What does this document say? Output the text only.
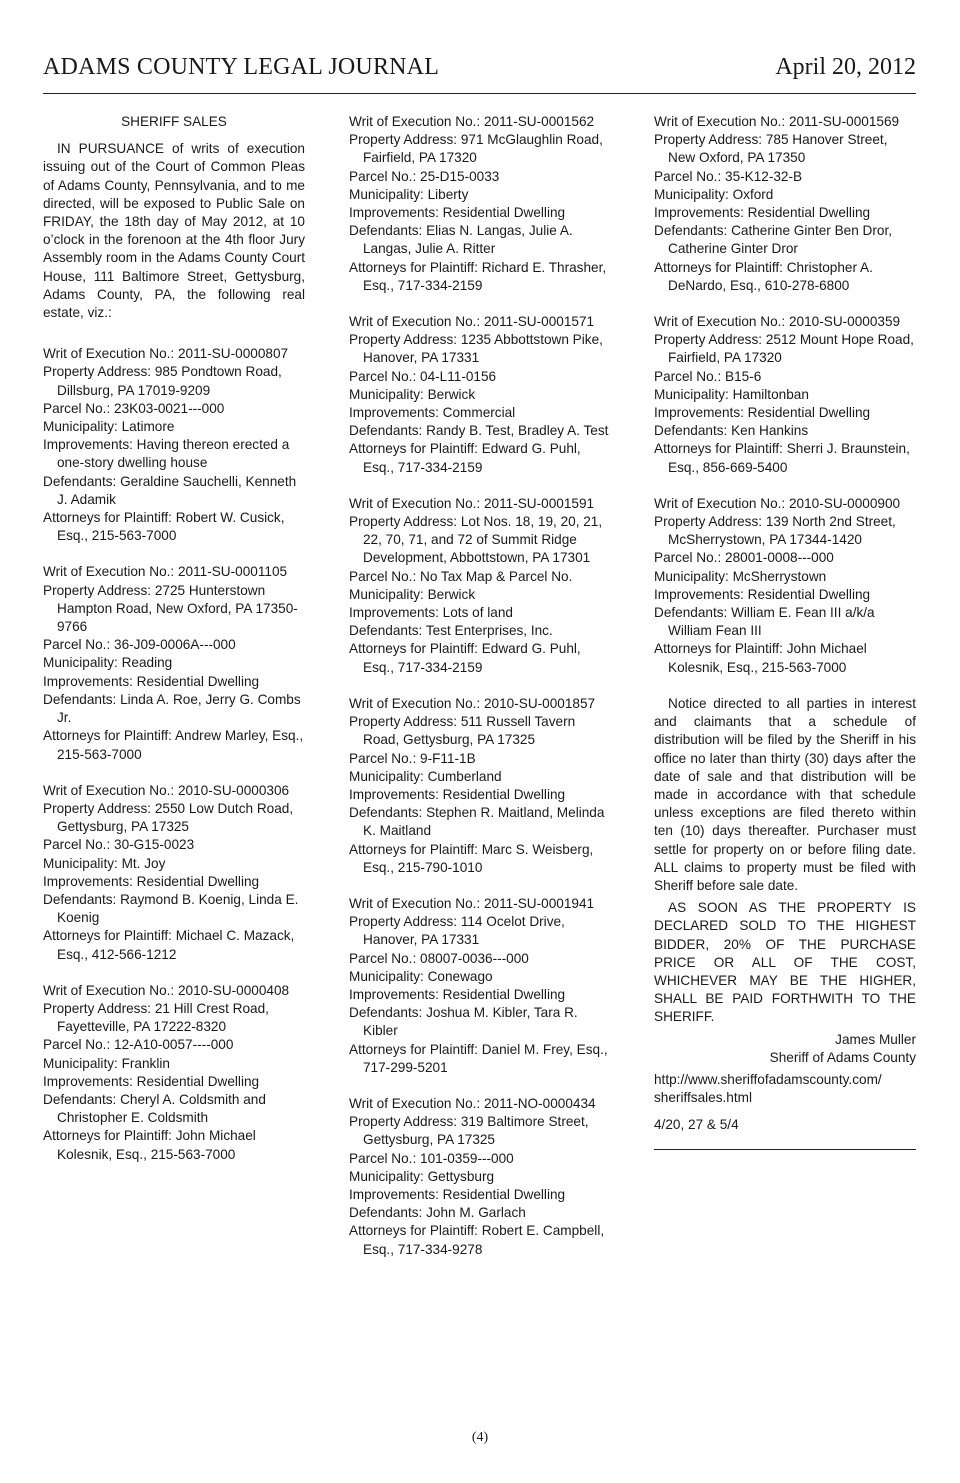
ADAMS COUNTY LEGAL JOURNAL	April 20, 2012
SHERIFF SALES
IN PURSUANCE of writs of execution issuing out of the Court of Common Pleas of Adams County, Pennsylvania, and to me directed, will be exposed to Public Sale on FRIDAY, the 18th day of May 2012, at 10 o’clock in the forenoon at the 4th floor Jury Assembly room in the Adams County Court House, 111 Baltimore Street, Gettysburg, Adams County, PA, the following real estate, viz.:
Writ of Execution No.: 2011-SU-0000807
Property Address: 985 Pondtown Road, Dillsburg, PA 17019-9209
Parcel No.: 23K03-0021---000
Municipality: Latimore
Improvements: Having thereon erected a one-story dwelling house
Defendants: Geraldine Sauchelli, Kenneth J. Adamik
Attorneys for Plaintiff: Robert W. Cusick, Esq., 215-563-7000
Writ of Execution No.: 2011-SU-0001105
Property Address: 2725 Hunterstown Hampton Road, New Oxford, PA 17350-9766
Parcel No.: 36-J09-0006A---000
Municipality: Reading
Improvements: Residential Dwelling
Defendants: Linda A. Roe, Jerry G. Combs Jr.
Attorneys for Plaintiff: Andrew Marley, Esq., 215-563-7000
Writ of Execution No.: 2010-SU-0000306
Property Address: 2550 Low Dutch Road, Gettysburg, PA 17325
Parcel No.: 30-G15-0023
Municipality: Mt. Joy
Improvements: Residential Dwelling
Defendants: Raymond B. Koenig, Linda E. Koenig
Attorneys for Plaintiff: Michael C. Mazack, Esq., 412-566-1212
Writ of Execution No.: 2010-SU-0000408
Property Address: 21 Hill Crest Road, Fayetteville, PA 17222-8320
Parcel No.: 12-A10-0057----000
Municipality: Franklin
Improvements: Residential Dwelling
Defendants: Cheryl A. Coldsmith and Christopher E. Coldsmith
Attorneys for Plaintiff: John Michael Kolesnik, Esq., 215-563-7000
Writ of Execution No.: 2011-SU-0001562
Property Address: 971 McGlaughlin Road, Fairfield, PA 17320
Parcel No.: 25-D15-0033
Municipality: Liberty
Improvements: Residential Dwelling
Defendants: Elias N. Langas, Julie A. Langas, Julie A. Ritter
Attorneys for Plaintiff: Richard E. Thrasher, Esq., 717-334-2159
Writ of Execution No.: 2011-SU-0001571
Property Address: 1235 Abbottstown Pike, Hanover, PA 17331
Parcel No.: 04-L11-0156
Municipality: Berwick
Improvements: Commercial
Defendants: Randy B. Test, Bradley A. Test
Attorneys for Plaintiff: Edward G. Puhl, Esq., 717-334-2159
Writ of Execution No.: 2011-SU-0001591
Property Address: Lot Nos. 18, 19, 20, 21, 22, 70, 71, and 72 of Summit Ridge Development, Abbottstown, PA 17301
Parcel No.: No Tax Map & Parcel No.
Municipality: Berwick
Improvements: Lots of land
Defendants: Test Enterprises, Inc.
Attorneys for Plaintiff: Edward G. Puhl, Esq., 717-334-2159
Writ of Execution No.: 2010-SU-0001857
Property Address: 511 Russell Tavern Road, Gettysburg, PA 17325
Parcel No.: 9-F11-1B
Municipality: Cumberland
Improvements: Residential Dwelling
Defendants: Stephen R. Maitland, Melinda K. Maitland
Attorneys for Plaintiff: Marc S. Weisberg, Esq., 215-790-1010
Writ of Execution No.: 2011-SU-0001941
Property Address: 114 Ocelot Drive, Hanover, PA 17331
Parcel No.: 08007-0036---000
Municipality: Conewago
Improvements: Residential Dwelling
Defendants: Joshua M. Kibler, Tara R. Kibler
Attorneys for Plaintiff: Daniel M. Frey, Esq., 717-299-5201
Writ of Execution No.: 2011-NO-0000434
Property Address: 319 Baltimore Street, Gettysburg, PA 17325
Parcel No.: 101-0359---000
Municipality: Gettysburg
Improvements: Residential Dwelling
Defendants: John M. Garlach
Attorneys for Plaintiff: Robert E. Campbell, Esq., 717-334-9278
Writ of Execution No.: 2011-SU-0001569
Property Address: 785 Hanover Street, New Oxford, PA 17350
Parcel No.: 35-K12-32-B
Municipality: Oxford
Improvements: Residential Dwelling
Defendants: Catherine Ginter Ben Dror, Catherine Ginter Dror
Attorneys for Plaintiff: Christopher A. DeNardo, Esq., 610-278-6800
Writ of Execution No.: 2010-SU-0000359
Property Address: 2512 Mount Hope Road, Fairfield, PA 17320
Parcel No.: B15-6
Municipality: Hamiltonban
Improvements: Residential Dwelling
Defendants: Ken Hankins
Attorneys for Plaintiff: Sherri J. Braunstein, Esq., 856-669-5400
Writ of Execution No.: 2010-SU-0000900
Property Address: 139 North 2nd Street, McSherrystown, PA 17344-1420
Parcel No.: 28001-0008---000
Municipality: McSherrystown
Improvements: Residential Dwelling
Defendants: William E. Fean III a/k/a William Fean III
Attorneys for Plaintiff: John Michael Kolesnik, Esq., 215-563-7000
Notice directed to all parties in interest and claimants that a schedule of distribution will be filed by the Sheriff in his office no later than thirty (30) days after the date of sale and that distribution will be made in accordance with that schedule unless exceptions are filed thereto within ten (10) days thereafter. Purchaser must settle for property on or before filing date. ALL claims to property must be filed with Sheriff before sale date.
AS SOON AS THE PROPERTY IS DECLARED SOLD TO THE HIGHEST BIDDER, 20% OF THE PURCHASE PRICE OR ALL OF THE COST, WHICHEVER MAY BE THE HIGHER, SHALL BE PAID FORTHWITH TO THE SHERIFF.
James Muller
Sheriff of Adams County
http://www.sheriffofadamscounty.com/ sheriffsales.html
4/20, 27 & 5/4
(4)
